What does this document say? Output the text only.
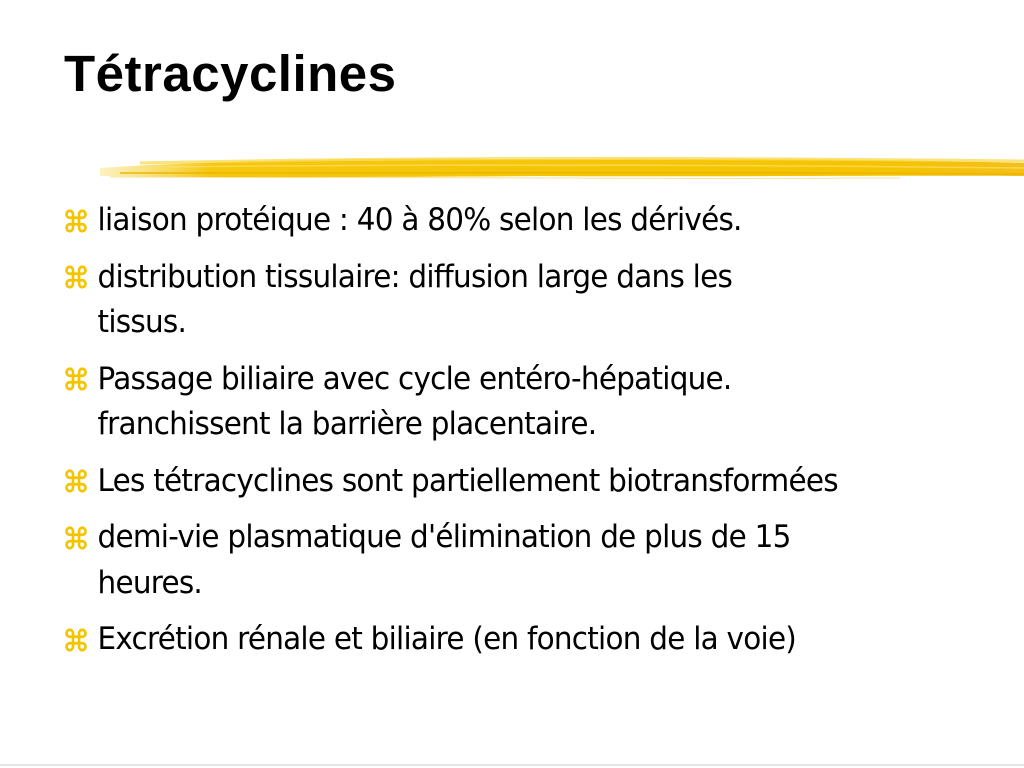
Tétracyclines
liaison protéique : 40 à 80% selon les dérivés.
distribution tissulaire: diffusion large dans les
tissus.
Passage biliaire avec cycle entéro-hépatique.
franchissent la barrière placentaire.
Les tétracyclines sont partiellement biotransformées
demi-vie plasmatique d'élimination de plus de 15
heures.
Excrétion rénale et biliaire (en fonction de la voie)
